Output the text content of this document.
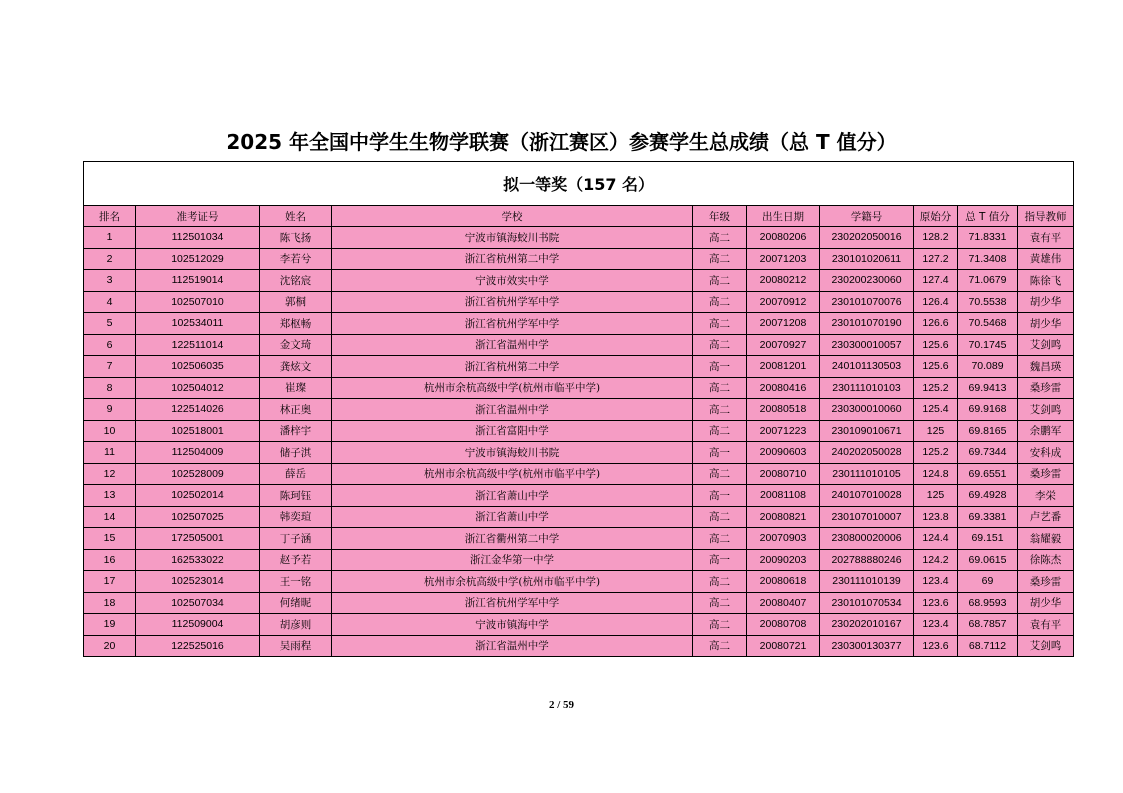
2025 年全国中学生生物学联赛（浙江赛区）参赛学生总成绩（总 T 值分）
拟一等奖（157 名）									
排名	准考证号	姓名	学校	年级	出生日期	学籍号	原始分	总 T 值分	指导教师
1	112501034	陈飞扬	宁波市镇海蛟川书院	高二	20080206	230202050016	128.2	71.8331	袁有平
2	102512029	李若兮	浙江省杭州第二中学	高二	20071203	230101020611	127.2	71.3408	黄雄伟
3	112519014	沈铭宸	宁波市效实中学	高二	20080212	230200230060	127.4	71.0679	陈徐飞
4	102507010	郭桐	浙江省杭州学军中学	高二	20070912	230101070076	126.4	70.5538	胡少华
5	102534011	郑枢畅	浙江省杭州学军中学	高二	20071208	230101070190	126.6	70.5468	胡少华
6	122511014	金文琦	浙江省温州中学	高二	20070927	230300010057	125.6	70.1745	艾剑鸣
7	102506035	龚炫文	浙江省杭州第二中学	高一	20081201	240101130503	125.6	70.089	魏昌瑛
8	102504012	崔璨	杭州市余杭高级中学(杭州市临平中学)	高二	20080416	230111010103	125.2	69.9413	桑珍雷
9	122514026	林正奥	浙江省温州中学	高二	20080518	230300010060	125.4	69.9168	艾剑鸣
10	102518001	潘梓宇	浙江省富阳中学	高二	20071223	230109010671	125	69.8165	余鹏军
11	112504009	储子淇	宁波市镇海蛟川书院	高一	20090603	240202050028	125.2	69.7344	安科成
12	102528009	薛岳	杭州市余杭高级中学(杭州市临平中学)	高二	20080710	230111010105	124.8	69.6551	桑珍雷
13	102502014	陈珂钰	浙江省萧山中学	高一	20081108	240107010028	125	69.4928	李栄
14	102507025	韩奕瑄	浙江省萧山中学	高二	20080821	230107010007	123.8	69.3381	卢艺番
15	172505001	丁子涵	浙江省衢州第二中学	高二	20070903	230800020006	124.4	69.151	翁耀毅
16	162533022	赵予若	浙江金华第一中学	高一	20090203	202788880246	124.2	69.0615	徐陈杰
17	102523014	王一铭	杭州市余杭高级中学(杭州市临平中学)	高二	20080618	230111010139	123.4	69	桑珍雷
18	102507034	何绪昵	浙江省杭州学军中学	高二	20080407	230101070534	123.6	68.9593	胡少华
19	112509004	胡彦则	宁波市镇海中学	高二	20080708	230202010167	123.4	68.7857	袁有平
20	122525016	吴雨程	浙江省温州中学	高二	20080721	230300130377	123.6	68.7112	艾剑鸣
2 / 59
